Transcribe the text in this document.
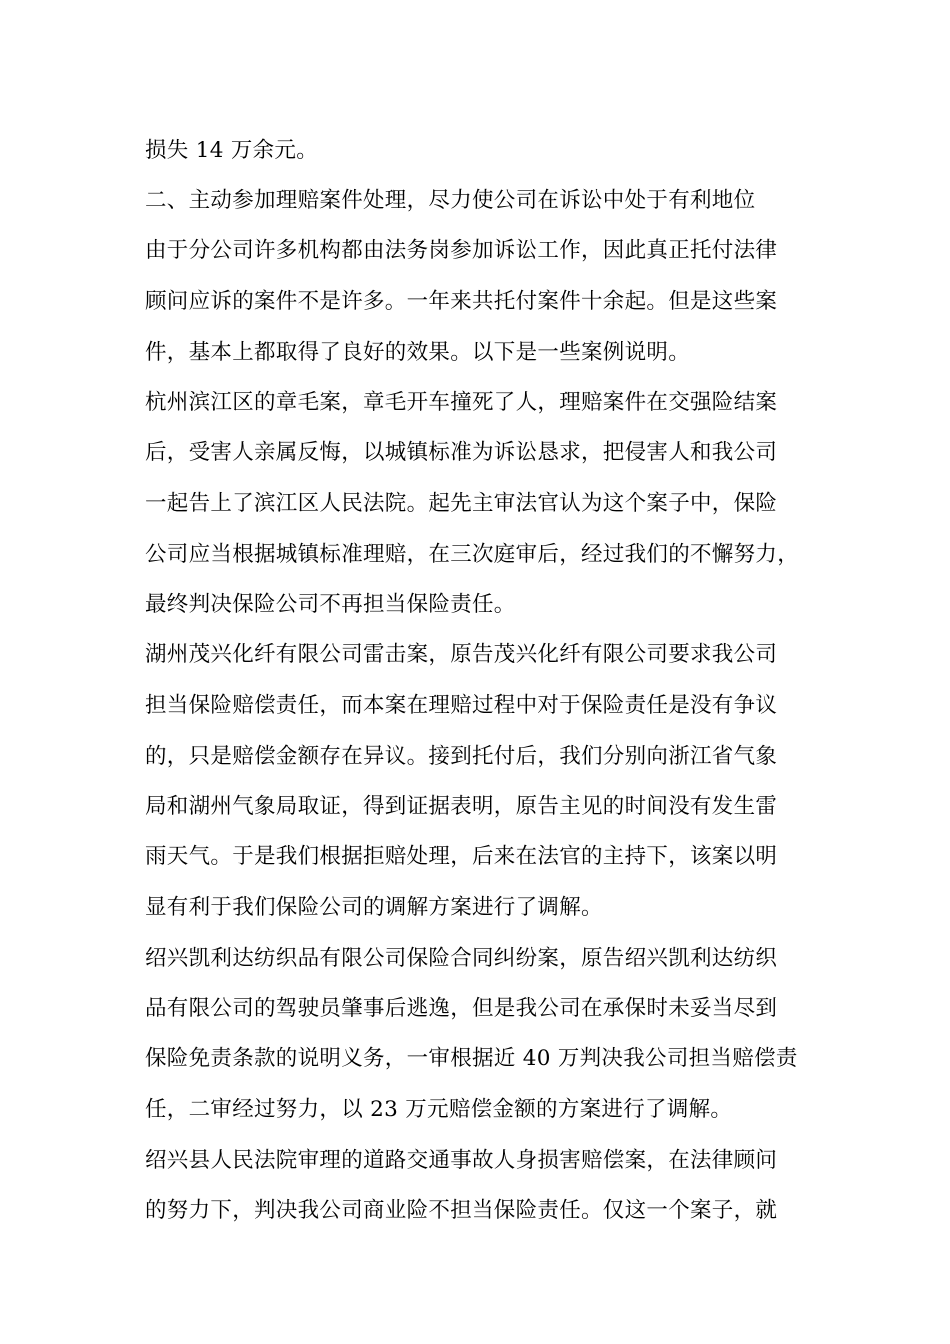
损失 14 万余元。
二、主动参加理赔案件处理，尽力使公司在诉讼中处于有利地位
由于分公司许多机构都由法务岗参加诉讼工作，因此真正托付法律
顾问应诉的案件不是许多。一年来共托付案件十余起。但是这些案
件，基本上都取得了良好的效果。以下是一些案例说明。
杭州滨江区的章毛案，章毛开车撞死了人，理赔案件在交强险结案
后，受害人亲属反悔，以城镇标准为诉讼恳求，把侵害人和我公司
一起告上了滨江区人民法院。起先主审法官认为这个案子中，保险
公司应当根据城镇标准理赔，在三次庭审后，经过我们的不懈努力，
最终判决保险公司不再担当保险责任。
湖州茂兴化纤有限公司雷击案，原告茂兴化纤有限公司要求我公司
担当保险赔偿责任，而本案在理赔过程中对于保险责任是没有争议
的，只是赔偿金额存在异议。接到托付后，我们分别向浙江省气象
局和湖州气象局取证，得到证据表明，原告主见的时间没有发生雷
雨天气。于是我们根据拒赔处理，后来在法官的主持下，该案以明
显有利于我们保险公司的调解方案进行了调解。
绍兴凯利达纺织品有限公司保险合同纠纷案，原告绍兴凯利达纺织
品有限公司的驾驶员肇事后逃逸，但是我公司在承保时未妥当尽到
保险免责条款的说明义务，一审根据近 40 万判决我公司担当赔偿责
任，二审经过努力，以 23 万元赔偿金额的方案进行了调解。
绍兴县人民法院审理的道路交通事故人身损害赔偿案，在法律顾问
的努力下，判决我公司商业险不担当保险责任。仅这一个案子，就
